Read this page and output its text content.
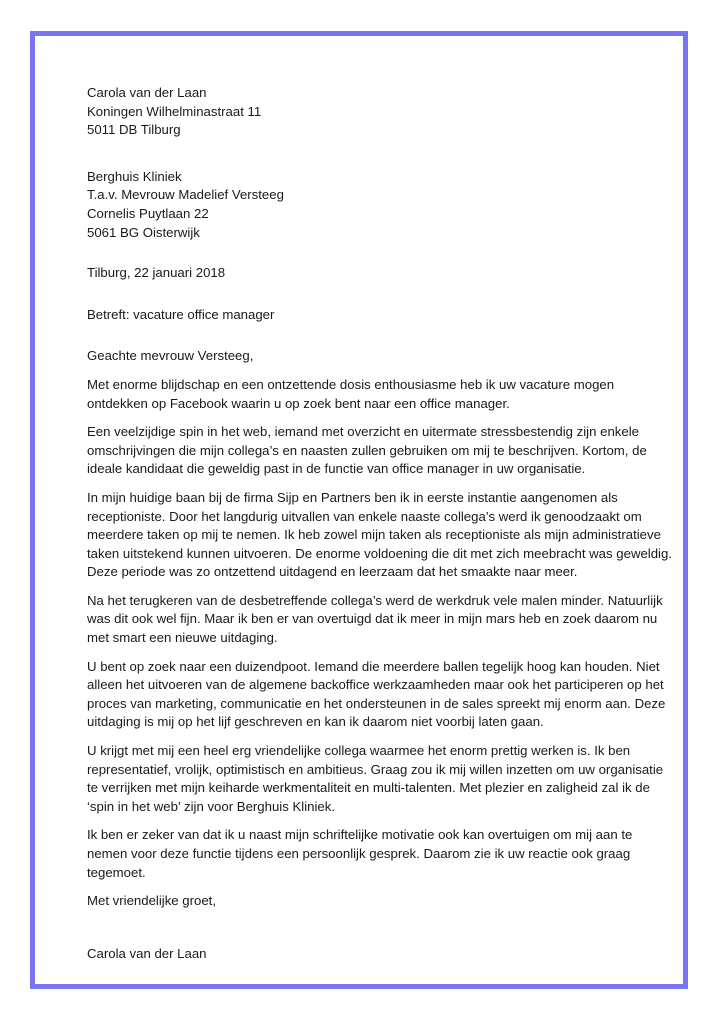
Carola van der Laan
Koningen Wilhelminastraat 11
5011 DB Tilburg
Berghuis Kliniek
T.a.v. Mevrouw Madelief Versteeg
Cornelis Puytlaan 22
5061 BG Oisterwijk
Tilburg, 22 januari 2018
Betreft: vacature office manager
Geachte mevrouw Versteeg,

Met enorme blijdschap en een ontzettende dosis enthousiasme heb ik uw vacature mogen
ontdekken op Facebook waarin u op zoek bent naar een office manager.

Een veelzijdige spin in het web, iemand met overzicht en uitermate stressbestendig zijn enkele
omschrijvingen die mijn collega’s en naasten zullen gebruiken om mij te beschrijven. Kortom, de
ideale kandidaat die geweldig past in de functie van office manager in uw organisatie.

In mijn huidige baan bij de firma Sijp en Partners ben ik in eerste instantie aangenomen als
receptioniste. Door het langdurig uitvallen van enkele naaste collega’s werd ik genoodzaakt om
meerdere taken op mij te nemen. Ik heb zowel mijn taken als receptioniste als mijn administratieve
taken uitstekend kunnen uitvoeren. De enorme voldoening die dit met zich meebracht was geweldig.
Deze periode was zo ontzettend uitdagend en leerzaam dat het smaakte naar meer.

Na het terugkeren van de desbetreffende collega’s werd de werkdruk vele malen minder. Natuurlijk
was dit ook wel fijn. Maar ik ben er van overtuigd dat ik meer in mijn mars heb en zoek daarom nu
met smart een nieuwe uitdaging.

U bent op zoek naar een duizendpoot. Iemand die meerdere ballen tegelijk hoog kan houden. Niet
alleen het uitvoeren van de algemene backoffice werkzaamheden maar ook het participeren op het
proces van marketing, communicatie en het ondersteunen in de sales spreekt mij enorm aan. Deze
uitdaging is mij op het lijf geschreven en kan ik daarom niet voorbij laten gaan.

U krijgt met mij een heel erg vriendelijke collega waarmee het enorm prettig werken is. Ik ben
representatief, vrolijk, optimistisch en ambitieus. Graag zou ik mij willen inzetten om uw organisatie
te verrijken met mijn keiharde werkmentaliteit en multi-talenten. Met plezier en zaligheid zal ik de
‘spin in het web’ zijn voor Berghuis Kliniek.

Ik ben er zeker van dat ik u naast mijn schriftelijke motivatie ook kan overtuigen om mij aan te
nemen voor deze functie tijdens een persoonlijk gesprek. Daarom zie ik uw reactie ook graag
tegemoet.

Met vriendelijke groet,
Carola van der Laan
